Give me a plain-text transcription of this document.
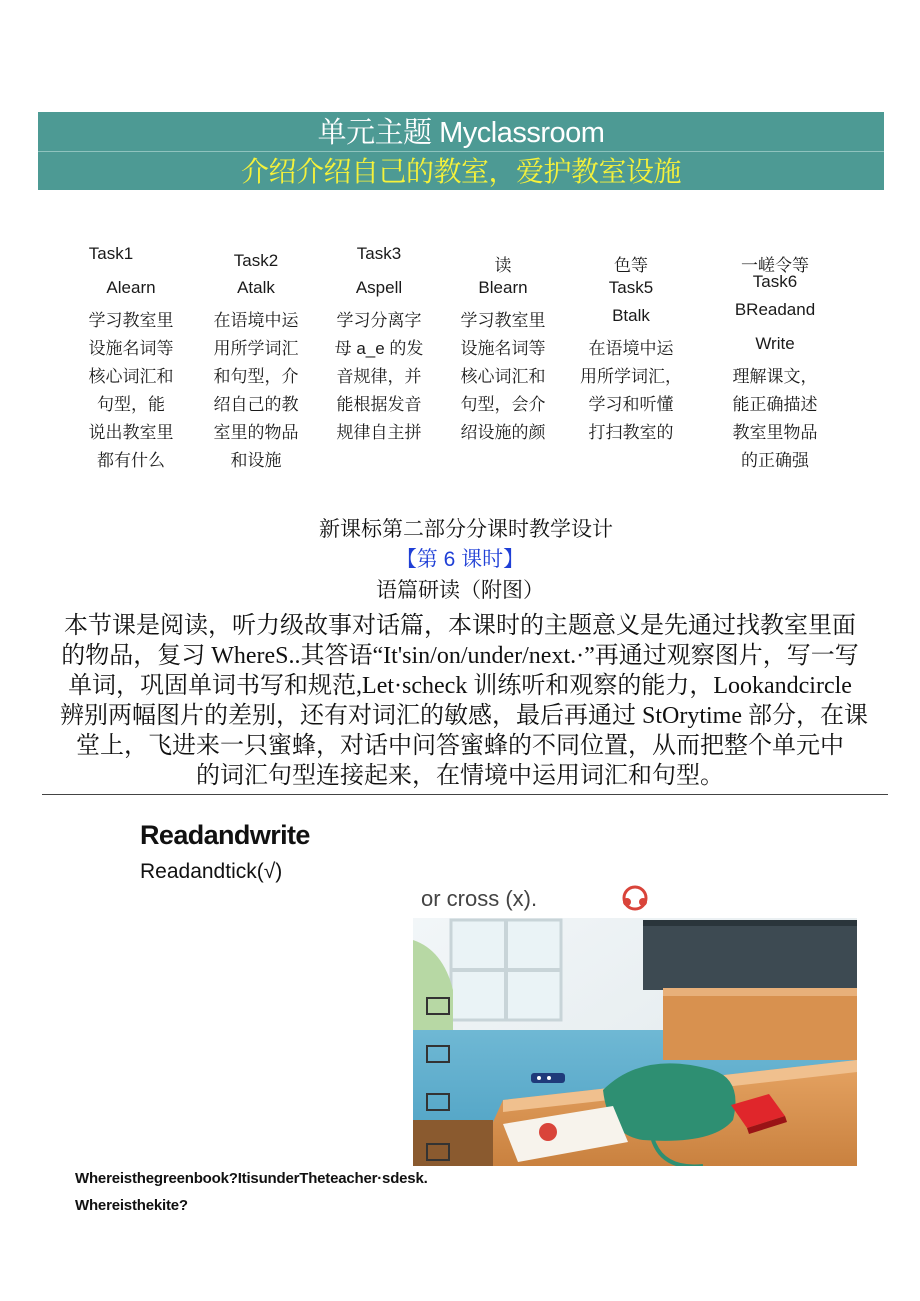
单元主题 Myclassroom
介绍介绍自己的教室，爱护教室设施
Task1
Alearn
学习教室里
设施名词等
核心词汇和
句型，能
说出教室里
都有什么
Task2
Atalk
在语境中运
用所学词汇
和句型，介
绍自己的教
室里的物品
和设施
Task3
Aspell
学习分离字
母 a_e 的发
音规律，并
能根据发音
规律自主拼
读
Blearn
学习教室里
设施名词等
核心词汇和
句型，会介
绍设施的颜
色等
Task5
Btalk
在语境中运
用所学词汇，
学习和听懂
打扫教室的
一嵯令等
Task6
BReadand
Write
理解课文，
能正确描述
教室里物品
的正确强
新课标第二部分分课时教学设计
【第 6 课时】
语篇研读（附图）
本节课是阅读，听力级故事对话篇，本课时的主题意义是先通过找教室里面
的物品，复习 WhereS..其答语“It'sin/on/under/next.·”再通过观察图片，写一写
单词，巩固单词书写和规范,Let·scheck 训练听和观察的能力，Lookandcircle
辨别两幅图片的差别，还有对词汇的敏感，最后再通过 StOrytime 部分，在课
堂上，飞进来一只蜜蜂，对话中问答蜜蜂的不同位置，从而把整个单元中
的词汇句型连接起来，在情境中运用词汇和句型。
Readandwrite
Readandtick(√)
or cross (x).
Whereisthegreenbook?ItisunderTheteacher·sdesk.
Whereisthekite?
